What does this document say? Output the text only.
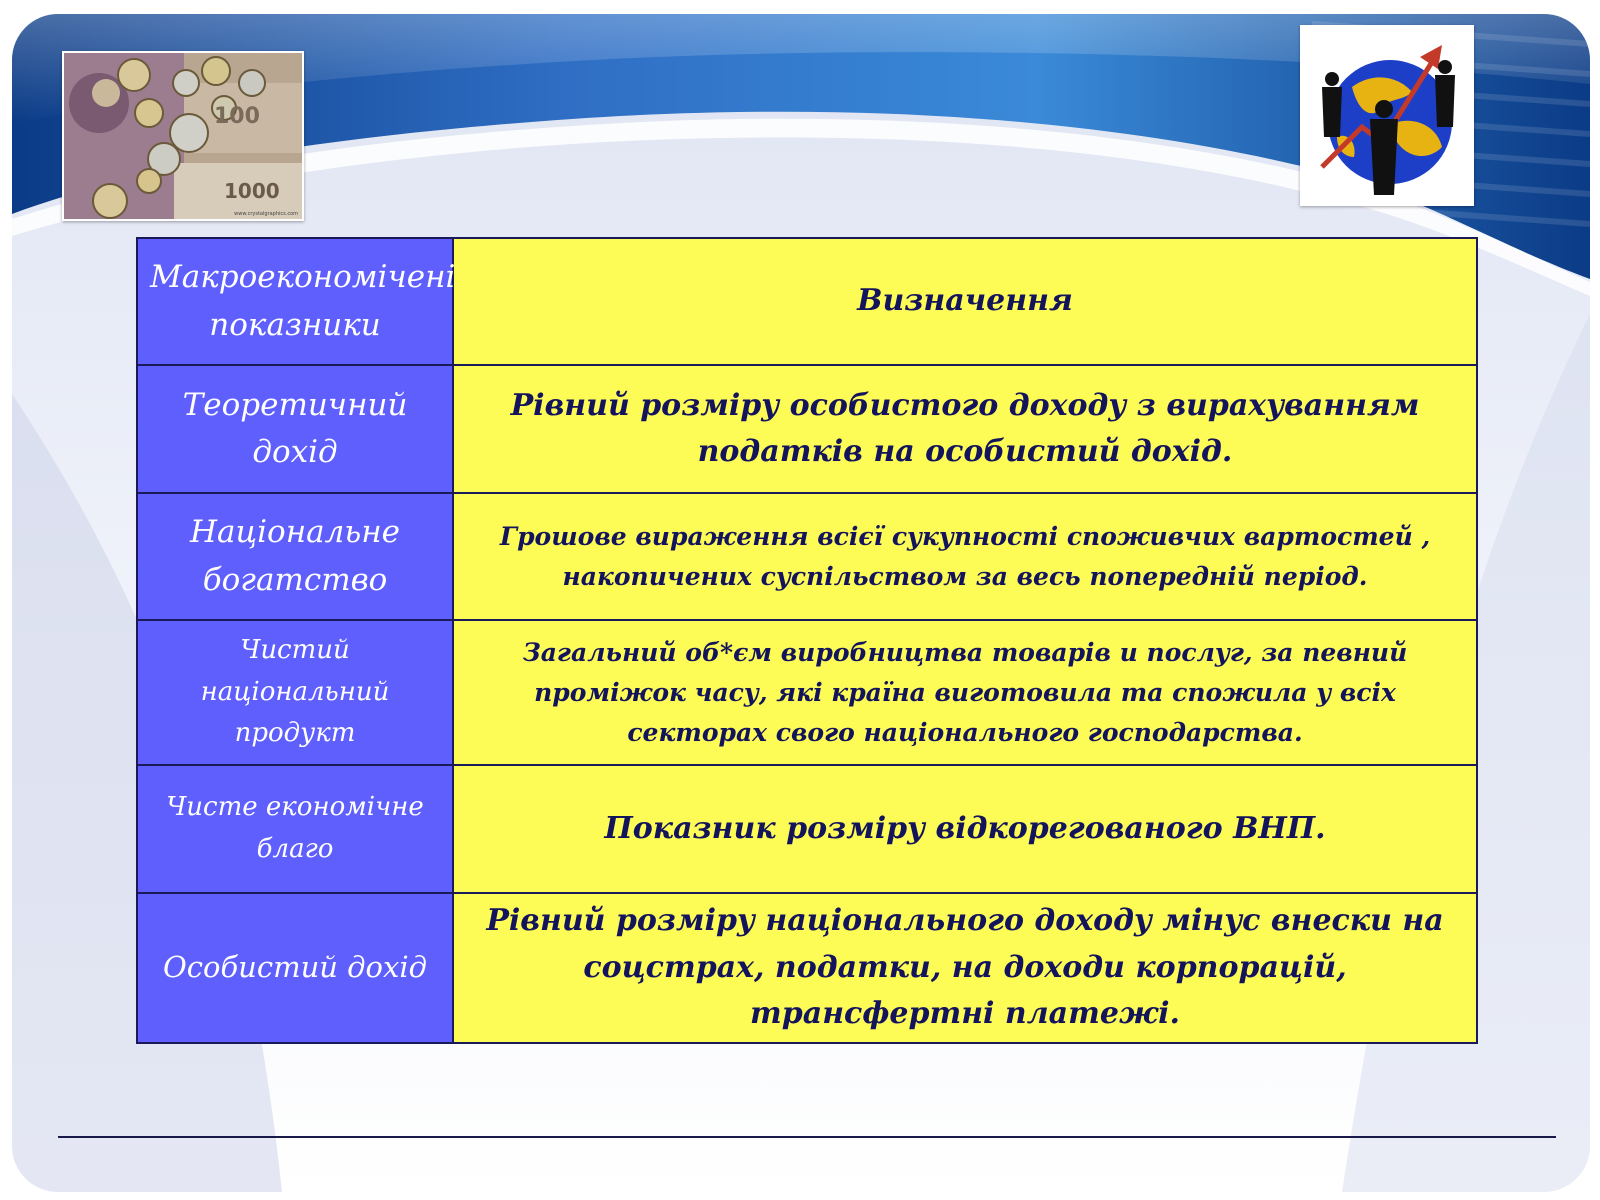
100
1000
www.crystalgraphics.com
Макроекономічені показники	Визначення
Теоретичний дохід	Рівний розміру особистого доходу з вирахуванням податків на особистий дохід.
Національне богатство	Грошове вираження всієї сукупності споживчих вартостей , накопичених суспільством за весь попередній період.
Чистий національний продукт	Загальний об*єм виробництва товарів и послуг, за певний проміжок часу, які країна виготовила та спожила у всіх секторах свого національного господарства.
Чисте економічне благо	Показник розміру відкорегованого ВНП.
Особистий дохід	Рівний розміру національного доходу мінус внески на соцстрах, податки, на доходи корпорацій, трансфертні платежі.
